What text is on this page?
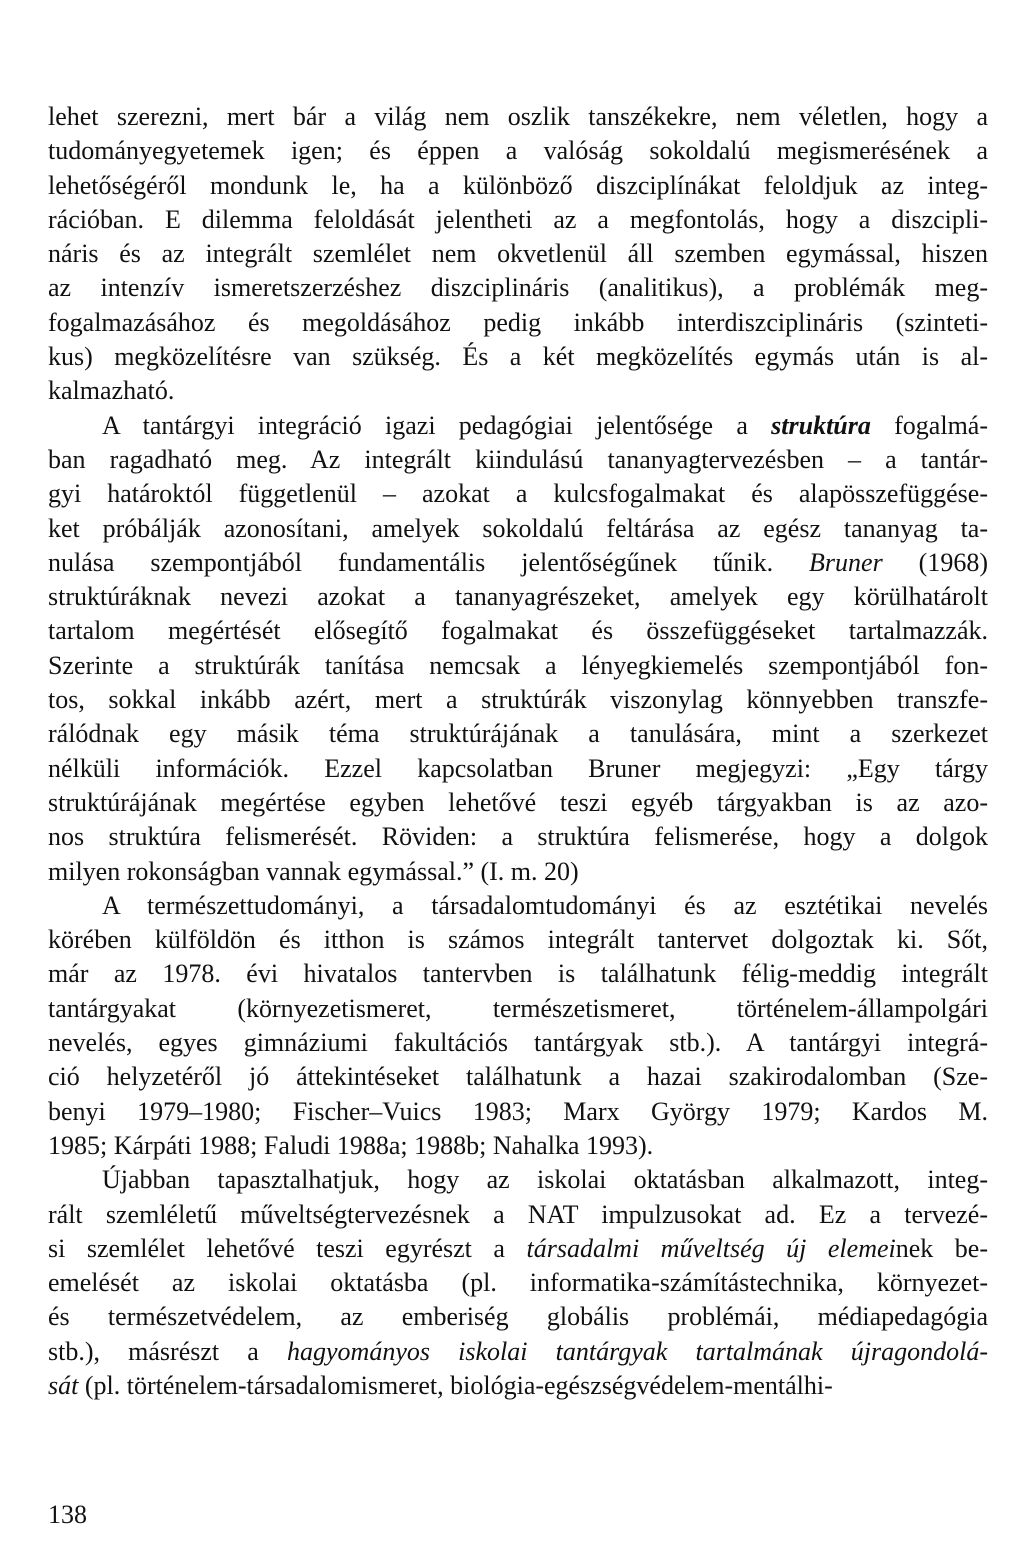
lehet szerezni, mert bár a világ nem oszlik tanszékekre, nem véletlen, hogy a
tudományegyetemek igen; és éppen a valóság sokoldalú megismerésének a
lehetőségéről mondunk le, ha a különböző diszciplínákat feloldjuk az integ-
rációban. E dilemma feloldását jelentheti az a megfontolás, hogy a diszcipli-
náris és az integrált szemlélet nem okvetlenül áll szemben egymással, hiszen
az intenzív ismeretszerzéshez diszciplináris (analitikus), a problémák meg-
fogalmazásához és megoldásához pedig inkább interdiszciplináris (szinteti-
kus) megközelítésre van szükség. És a két megközelítés egymás után is al-
kalmazható.
A tantárgyi integráció igazi pedagógiai jelentősége a struktúra fogalmá-
ban ragadható meg. Az integrált kiindulású tananyagtervezésben – a tantár-
gyi határoktól függetlenül – azokat a kulcsfogalmakat és alapösszefüggése-
ket próbálják azonosítani, amelyek sokoldalú feltárása az egész tananyag ta-
nulása szempontjából fundamentális jelentőségűnek tűnik. Bruner (1968)
struktúráknak nevezi azokat a tananyagrészeket, amelyek egy körülhatárolt
tartalom megértését elősegítő fogalmakat és összefüggéseket tartalmazzák.
Szerinte a struktúrák tanítása nemcsak a lényegkiemelés szempontjából fon-
tos, sokkal inkább azért, mert a struktúrák viszonylag könnyebben transzfe-
rálódnak egy másik téma struktúrájának a tanulására, mint a szerkezet
nélküli információk. Ezzel kapcsolatban Bruner megjegyzi: „Egy tárgy
struktúrájának megértése egyben lehetővé teszi egyéb tárgyakban is az azo-
nos struktúra felismerését. Röviden: a struktúra felismerése, hogy a dolgok
milyen rokonságban vannak egymással.” (I. m. 20)
A természettudományi, a társadalomtudományi és az esztétikai nevelés
körében külföldön és itthon is számos integrált tantervet dolgoztak ki. Sőt,
már az 1978. évi hivatalos tantervben is találhatunk félig-meddig integrált
tantárgyakat (környezetismeret, természetismeret, történelem-állampolgári
nevelés, egyes gimnáziumi fakultációs tantárgyak stb.). A tantárgyi integrá-
ció helyzetéről jó áttekintéseket találhatunk a hazai szakirodalomban (Sze-
benyi 1979–1980; Fischer–Vuics 1983; Marx György 1979; Kardos M.
1985; Kárpáti 1988; Faludi 1988a; 1988b; Nahalka 1993).
Újabban tapasztalhatjuk, hogy az iskolai oktatásban alkalmazott, integ-
rált szemléletű műveltségtervezésnek a NAT impulzusokat ad. Ez a tervezé-
si szemlélet lehetővé teszi egyrészt a társadalmi műveltség új elemeinek be-
emelését az iskolai oktatásba (pl. informatika-számítástechnika, környezet-
és természetvédelem, az emberiség globális problémái, médiapedagógia
stb.), másrészt a hagyományos iskolai tantárgyak tartalmának újragondolá-
sát (pl. történelem-társadalomismeret, biológia-egészségvédelem-mentálhi-
138
